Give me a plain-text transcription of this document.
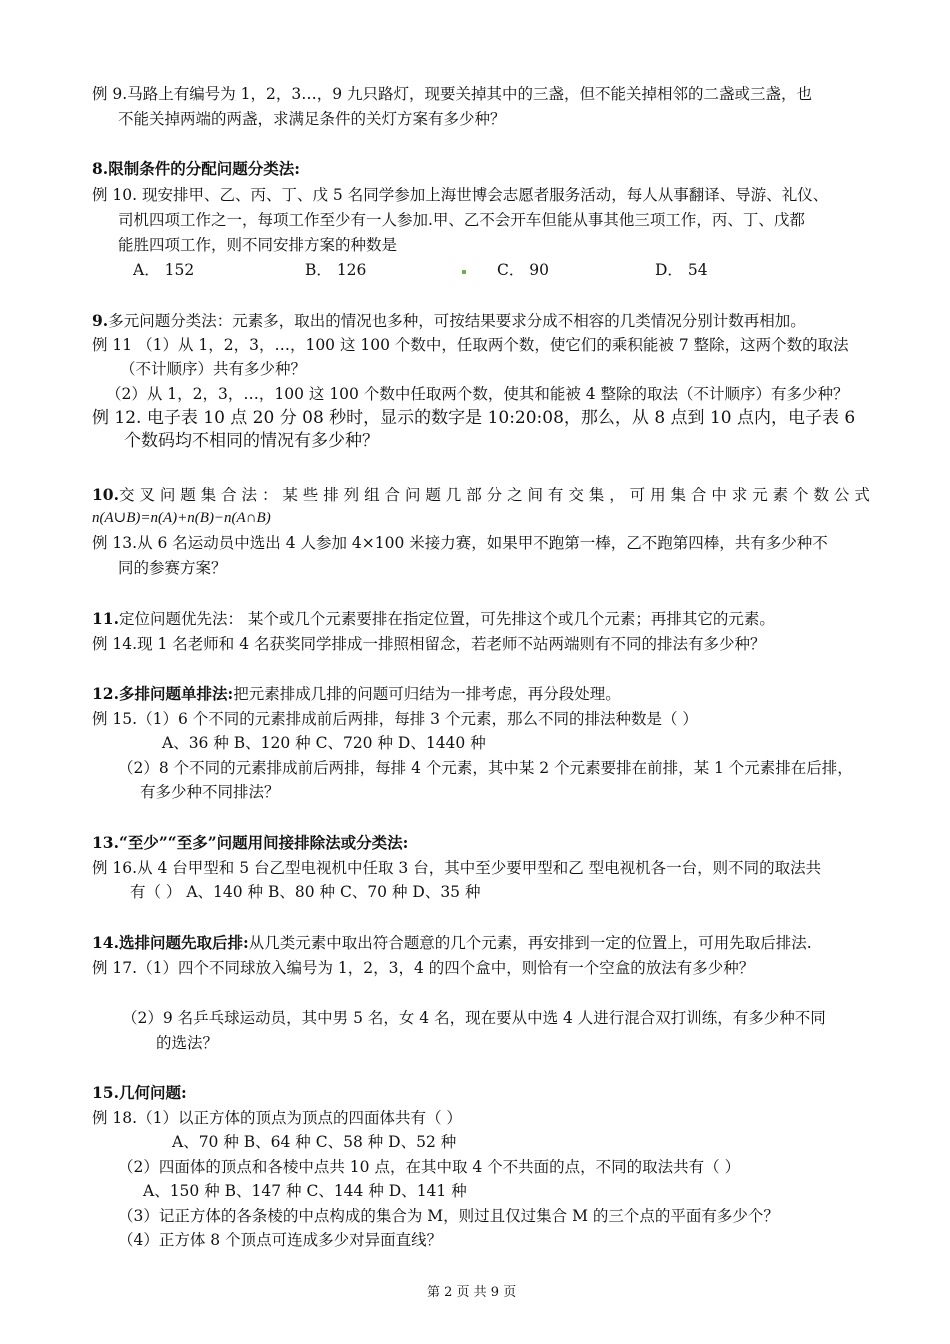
例 9.马路上有编号为 1，2，3…，9 九只路灯，现要关掉其中的三盏，但不能关掉相邻的二盏或三盏，也
不能关掉两端的两盏，求满足条件的关灯方案有多少种？
8.限制条件的分配问题分类法:
例 10. 现安排甲、乙、丙、丁、戊 5 名同学参加上海世博会志愿者服务活动，每人从事翻译、导游、礼仪、
司机四项工作之一，每项工作至少有一人参加.甲、乙不会开车但能从事其他三项工作，丙、丁、戊都
能胜四项工作，则不同安排方案的种数是
A． 152	B． 126	C． 90	D． 54
9.多元问题分类法：元素多，取出的情况也多种，可按结果要求分成不相容的几类情况分别计数再相加。
例 11 （1）从 1，2，3，…，100 这 100 个数中，任取两个数，使它们的乘积能被 7 整除，这两个数的取法
（不计顺序）共有多少种？
（2）从 1，2，3，…，100 这 100 个数中任取两个数，使其和能被 4 整除的取法（不计顺序）有多少种？
例 12. 电子表 10 点 20 分 08 秒时，显示的数字是 10:20:08，那么，从 8 点到 10 点内，电子表 6
个数码均不相同的情况有多少种？
10.交 叉 问 题 集 合 法 ： 某 些 排 列 组 合 问 题 几 部 分 之 间 有 交 集 ， 可 用 集 合 中 求 元 素 个 数 公 式
n(A∪B)=n(A)+n(B)−n(A∩B)
例 13.从 6 名运动员中选出 4 人参加 4×100 米接力赛，如果甲不跑第一棒，乙不跑第四棒，共有多少种不
同的参赛方案？
11.定位问题优先法： 某个或几个元素要排在指定位置，可先排这个或几个元素；再排其它的元素。
例 14.现 1 名老师和 4 名获奖同学排成一排照相留念，若老师不站两端则有不同的排法有多少种？
12.多排问题单排法:把元素排成几排的问题可归结为一排考虑，再分段处理。
例 15.（1）6 个不同的元素排成前后两排，每排 3 个元素，那么不同的排法种数是（ ）
A、36 种 B、120 种 C、720 种 D、1440 种
（2）8 个不同的元素排成前后两排，每排 4 个元素，其中某 2 个元素要排在前排，某 1 个元素排在后排，
有多少种不同排法？
13.“至少”“至多”问题用间接排除法或分类法:
例 16.从 4 台甲型和 5 台乙型电视机中任取 3 台，其中至少要甲型和乙 型电视机各一台，则不同的取法共
有（ ） A、140 种 B、80 种 C、70 种 D、35 种
14.选排问题先取后排:从几类元素中取出符合题意的几个元素，再安排到一定的位置上，可用先取后排法.
例 17.（1）四个不同球放入编号为 1，2，3，4 的四个盒中，则恰有一个空盒的放法有多少种？
（2）9 名乒乓球运动员，其中男 5 名，女 4 名，现在要从中选 4 人进行混合双打训练，有多少种不同
的选法？
15.几何问题:
例 18.（1）以正方体的顶点为顶点的四面体共有（ ）
A、70 种 B、64 种 C、58 种 D、52 种
（2）四面体的顶点和各棱中点共 10 点，在其中取 4 个不共面的点，不同的取法共有（ ）
A、150 种 B、147 种 C、144 种 D、141 种
（3）记正方体的各条棱的中点构成的集合为 M，则过且仅过集合 M 的三个点的平面有多少个？
（4）正方体 8 个顶点可连成多少对异面直线？
第 2 页 共 9 页
